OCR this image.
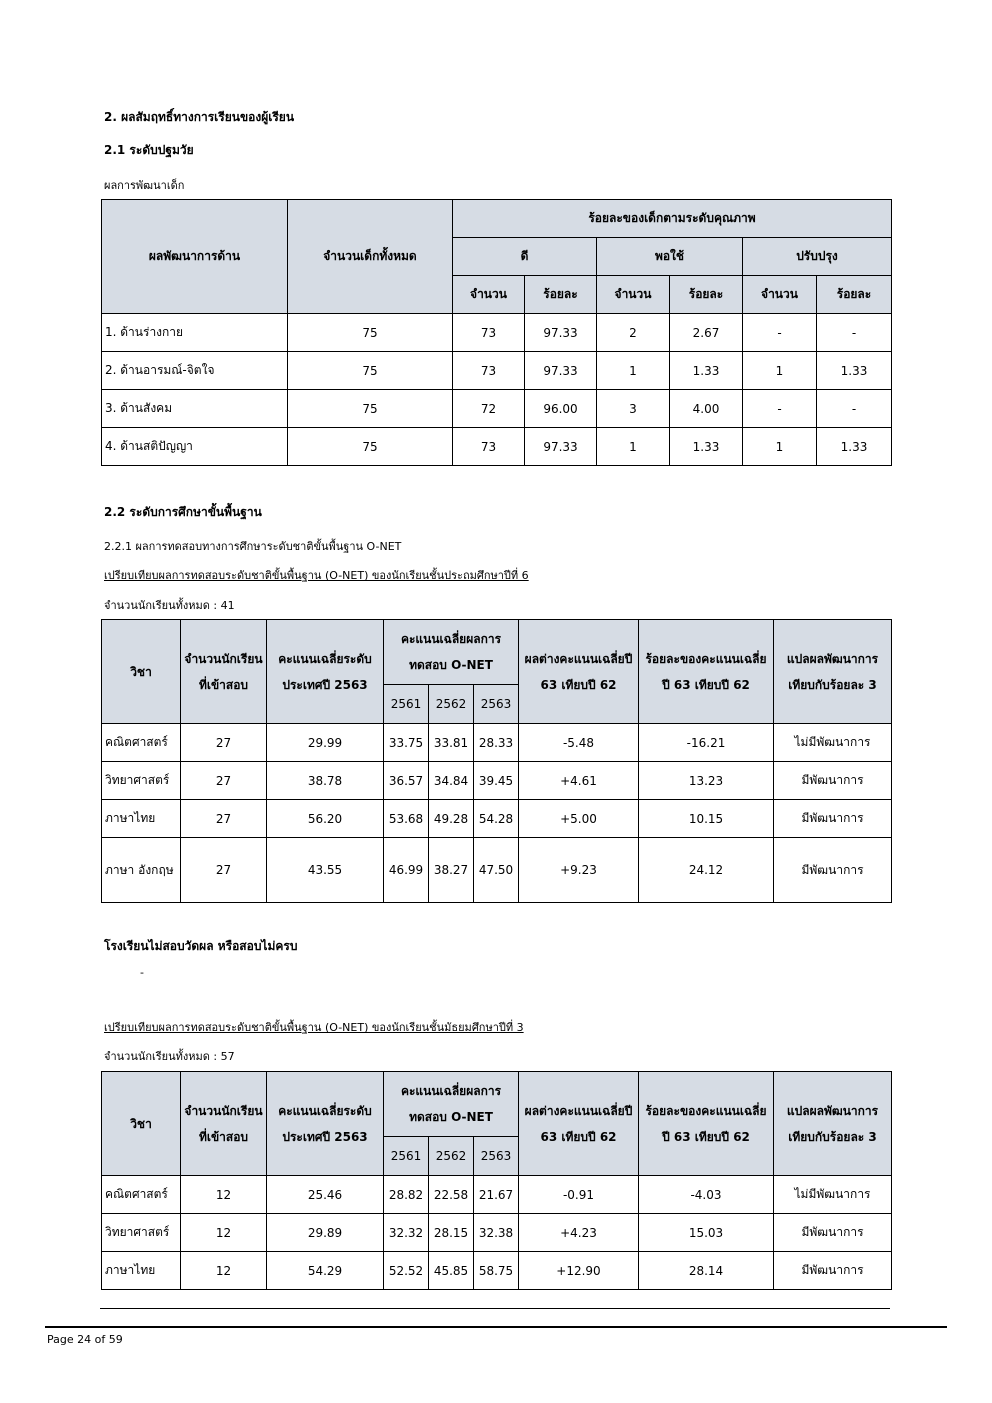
2. ผลสัมฤทธิ์ทางการเรียนของผู้เรียน
2.1 ระดับปฐมวัย
ผลการพัฒนาเด็ก
ผลพัฒนาการด้าน	จำนวนเด็กทั้งหมด	ร้อยละของเด็กตามระดับคุณภาพ					
		ดี		พอใช้		ปรับปรุง	
		จำนวน	ร้อยละ	จำนวน	ร้อยละ	จำนวน	ร้อยละ
1. ด้านร่างกาย	75	73	97.33	2	2.67	-	-
2. ด้านอารมณ์-จิตใจ	75	73	97.33	1	1.33	1	1.33
3. ด้านสังคม	75	72	96.00	3	4.00	-	-
4. ด้านสติปัญญา	75	73	97.33	1	1.33	1	1.33
2.2 ระดับการศึกษาขั้นพื้นฐาน
2.2.1 ผลการทดสอบทางการศึกษาระดับชาติขั้นพื้นฐาน O-NET
เปรียบเทียบผลการทดสอบระดับชาติขั้นพื้นฐาน (O-NET) ของนักเรียนชั้นประถมศึกษาปีที่ 6
จำนวนนักเรียนทั้งหมด : 41
วิชา	จำนวนนักเรียนที่เข้าสอบ	คะแนนเฉลี่ยระดับประเทศปี 2563	คะแนนเฉลี่ยผลการทดสอบ O-NET			ผลต่างคะแนนเฉลี่ยปี 63 เทียบปี 62	ร้อยละของคะแนนเฉลี่ย ปี 63 เทียบปี 62	แปลผลพัฒนาการเทียบกับร้อยละ 3
			2561	2562	2563			
คณิตศาสตร์	27	29.99	33.75	33.81	28.33	-5.48	-16.21	ไม่มีพัฒนาการ
วิทยาศาสตร์	27	38.78	36.57	34.84	39.45	+4.61	13.23	มีพัฒนาการ
ภาษาไทย	27	56.20	53.68	49.28	54.28	+5.00	10.15	มีพัฒนาการ
ภาษา อังกฤษ	27	43.55	46.99	38.27	47.50	+9.23	24.12	มีพัฒนาการ
โรงเรียนไม่สอบวัดผล หรือสอบไม่ครบ
-
เปรียบเทียบผลการทดสอบระดับชาติขั้นพื้นฐาน (O-NET) ของนักเรียนชั้นมัธยมศึกษาปีที่ 3
จำนวนนักเรียนทั้งหมด : 57
วิชา	จำนวนนักเรียนที่เข้าสอบ	คะแนนเฉลี่ยระดับประเทศปี 2563	คะแนนเฉลี่ยผลการทดสอบ O-NET			ผลต่างคะแนนเฉลี่ยปี 63 เทียบปี 62	ร้อยละของคะแนนเฉลี่ย ปี 63 เทียบปี 62	แปลผลพัฒนาการเทียบกับร้อยละ 3
			2561	2562	2563			
คณิตศาสตร์	12	25.46	28.82	22.58	21.67	-0.91	-4.03	ไม่มีพัฒนาการ
วิทยาศาสตร์	12	29.89	32.32	28.15	32.38	+4.23	15.03	มีพัฒนาการ
ภาษาไทย	12	54.29	52.52	45.85	58.75	+12.90	28.14	มีพัฒนาการ
Page 24 of 59
